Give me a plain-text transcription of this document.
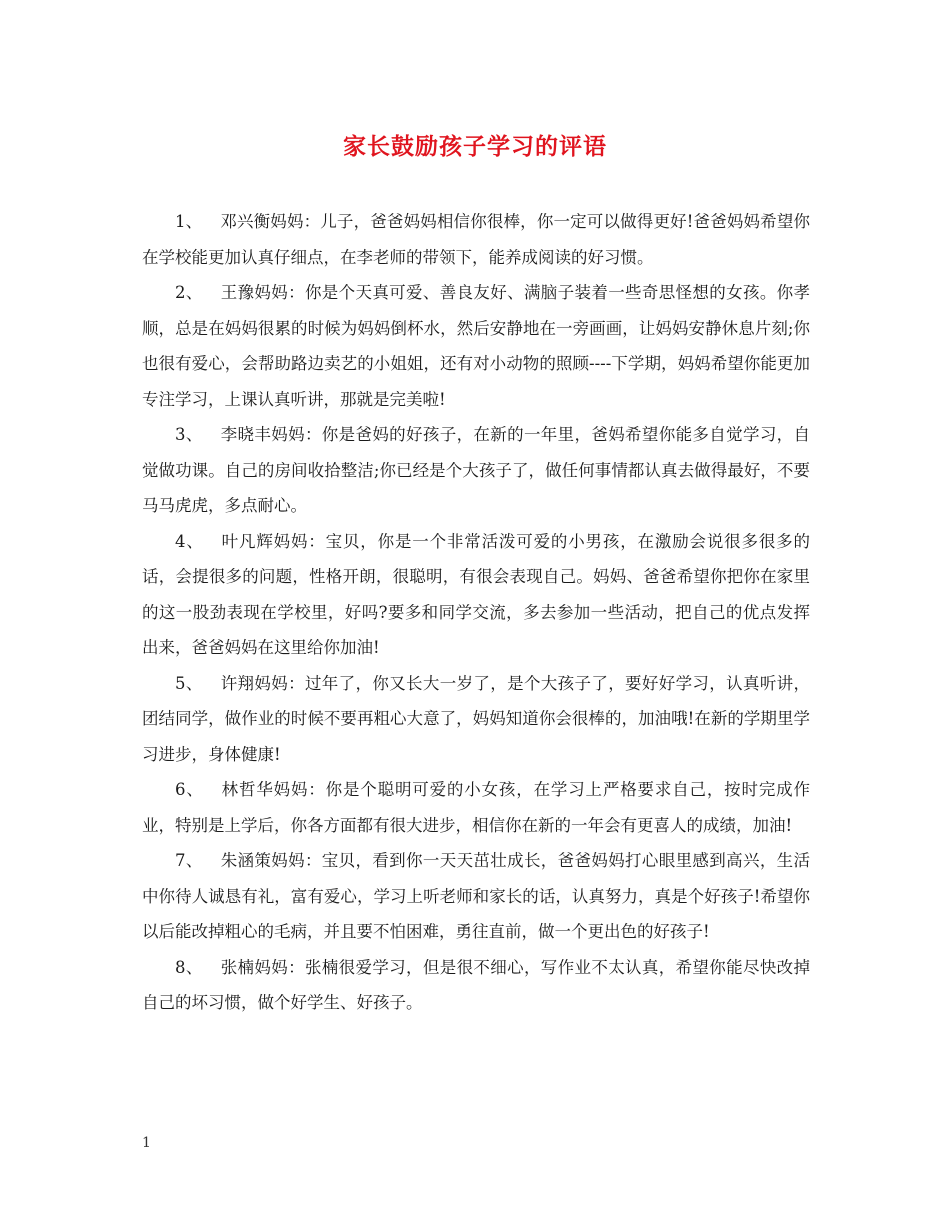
家长鼓励孩子学习的评语

1、 邓兴衡妈妈：儿子，爸爸妈妈相信你很棒，你一定可以做得更好!爸爸妈妈希望你在学校能更加认真仔细点，在李老师的带领下，能养成阅读的好习惯。

2、 王豫妈妈：你是个天真可爱、善良友好、满脑子装着一些奇思怪想的女孩。你孝顺，总是在妈妈很累的时候为妈妈倒杯水，然后安静地在一旁画画，让妈妈安静休息片刻;你也很有爱心，会帮助路边卖艺的小姐姐，还有对小动物的照顾----下学期，妈妈希望你能更加专注学习，上课认真听讲，那就是完美啦!

3、 李晓丰妈妈：你是爸妈的好孩子，在新的一年里，爸妈希望你能多自觉学习，自觉做功课。自己的房间收拾整洁;你已经是个大孩子了，做任何事情都认真去做得最好，不要马马虎虎，多点耐心。

4、 叶凡辉妈妈：宝贝，你是一个非常活泼可爱的小男孩，在激励会说很多很多的话，会提很多的问题，性格开朗，很聪明，有很会表现自己。妈妈、爸爸希望你把你在家里的这一股劲表现在学校里，好吗?要多和同学交流，多去参加一些活动，把自己的优点发挥出来，爸爸妈妈在这里给你加油!

5、 许翔妈妈：过年了，你又长大一岁了，是个大孩子了，要好好学习，认真听讲，团结同学，做作业的时候不要再粗心大意了，妈妈知道你会很棒的，加油哦!在新的学期里学习进步，身体健康!

6、 林哲华妈妈：你是个聪明可爱的小女孩，在学习上严格要求自己，按时完成作业，特别是上学后，你各方面都有很大进步，相信你在新的一年会有更喜人的成绩，加油!

7、 朱涵策妈妈：宝贝，看到你一天天茁壮成长，爸爸妈妈打心眼里感到高兴，生活中你待人诚恳有礼，富有爱心，学习上听老师和家长的话，认真努力，真是个好孩子!希望你以后能改掉粗心的毛病，并且要不怕困难，勇往直前，做一个更出色的好孩子!

8、 张楠妈妈：张楠很爱学习，但是很不细心，写作业不太认真，希望你能尽快改掉自己的坏习惯，做个好学生、好孩子。

1
